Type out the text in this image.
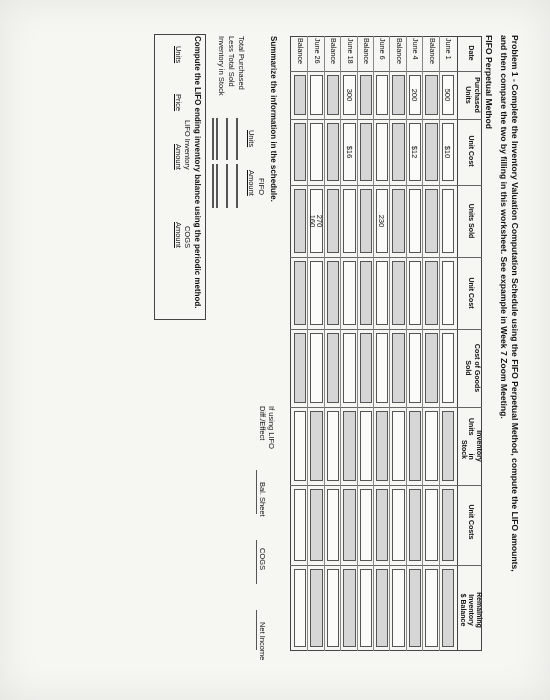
Problem 1 - Complete the Inventory Valuation Computation Schedule using the FIFO Perpetual Method, compute the LIFO amounts,
and then compare the two by filling in this worksheet. See expample in Week 7 Zoom Meeting.
FIFO Perpetual Method
Date
Purchased
Units
Unit Cost
Units Sold
Unit Cost
Cost of Goods
Sold
Inventory
Unitsin
Stock
Unit Costs
Remaining
Inventory
$ Balance
Summarize the information in the schedule.
FIFO
Units
Amount
Total Purchased
Less Total Sold
Inventory in Stock
If using LIFO
Diff./Effect
Bal. Sheet
COGS
Net Income
Compute the LIFO ending inventory balance using the periodic method.
LIFO Inventory
COGS
Units
Price
Amount
Amount
June 1
500
$10
Balance
June 4
200
$12
Balance
June 6
230
Balance
June 18
300
$16
Balance
June 26
270
160
Balance
